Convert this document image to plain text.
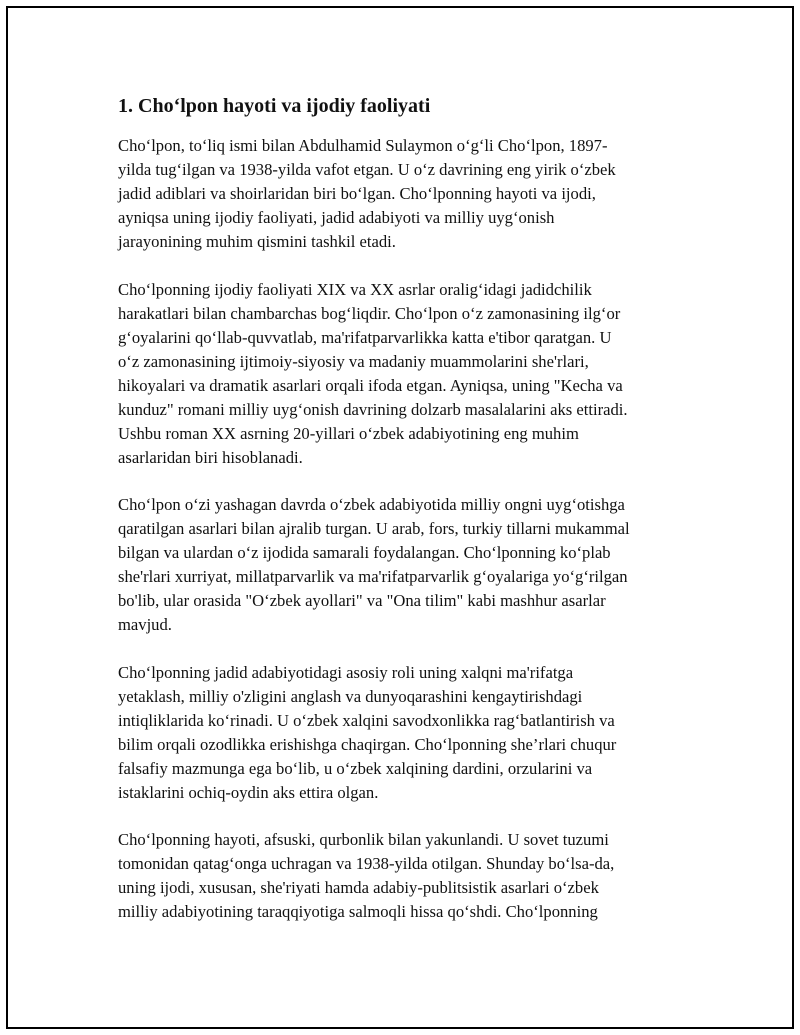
1. Cho‘lpon hayoti va ijodiy faoliyati
Cho‘lpon, to‘liq ismi bilan Abdulhamid Sulaymon o‘g‘li Cho‘lpon, 1897-
yilda tug‘ilgan va 1938-yilda vafot etgan. U o‘z davrining eng yirik o‘zbek
jadid adiblari va shoirlaridan biri bo‘lgan. Cho‘lponning hayoti va ijodi,
ayniqsa uning ijodiy faoliyati, jadid adabiyoti va milliy uyg‘onish
jarayonining muhim qismini tashkil etadi.
Cho‘lponning ijodiy faoliyati XIX va XX asrlar oralig‘idagi jadidchilik
harakatlari bilan chambarchas bog‘liqdir. Cho‘lpon o‘z zamonasining ilg‘or
g‘oyalarini qo‘llab-quvvatlab, ma'rifatparvarlikka katta e'tibor qaratgan. U
o‘z zamonasining ijtimoiy-siyosiy va madaniy muammolarini she'rlari,
hikoyalari va dramatik asarlari orqali ifoda etgan. Ayniqsa, uning "Kecha va
kunduz" romani milliy uyg‘onish davrining dolzarb masalalarini aks ettiradi.
Ushbu roman XX asrning 20-yillari o‘zbek adabiyotining eng muhim
asarlaridan biri hisoblanadi.
Cho‘lpon o‘zi yashagan davrda o‘zbek adabiyotida milliy ongni uyg‘otishga
qaratilgan asarlari bilan ajralib turgan. U arab, fors, turkiy tillarni mukammal
bilgan va ulardan o‘z ijodida samarali foydalangan. Cho‘lponning ko‘plab
she'rlari xurriyat, millatparvarlik va ma'rifatparvarlik g‘oyalariga yo‘g‘rilgan
bo'lib, ular orasida "O‘zbek ayollari" va "Ona tilim" kabi mashhur asarlar
mavjud.
Cho‘lponning jadid adabiyotidagi asosiy roli uning xalqni ma'rifatga
yetaklash, milliy o'zligini anglash va dunyoqarashini kengaytirishdagi
intiqliklarida ko‘rinadi. U o‘zbek xalqini savodxonlikka rag‘batlantirish va
bilim orqali ozodlikka erishishga chaqirgan. Cho‘lponning she’rlari chuqur
falsafiy mazmunga ega bo‘lib, u o‘zbek xalqining dardini, orzularini va
istaklarini ochiq-oydin aks ettira olgan.
Cho‘lponning hayoti, afsuski, qurbonlik bilan yakunlandi. U sovet tuzumi
tomonidan qatag‘onga uchragan va 1938-yilda otilgan. Shunday bo‘lsa-da,
uning ijodi, xususan, she'riyati hamda adabiy-publitsistik asarlari o‘zbek
milliy adabiyotining taraqqiyotiga salmoqli hissa qo‘shdi. Cho‘lponning
